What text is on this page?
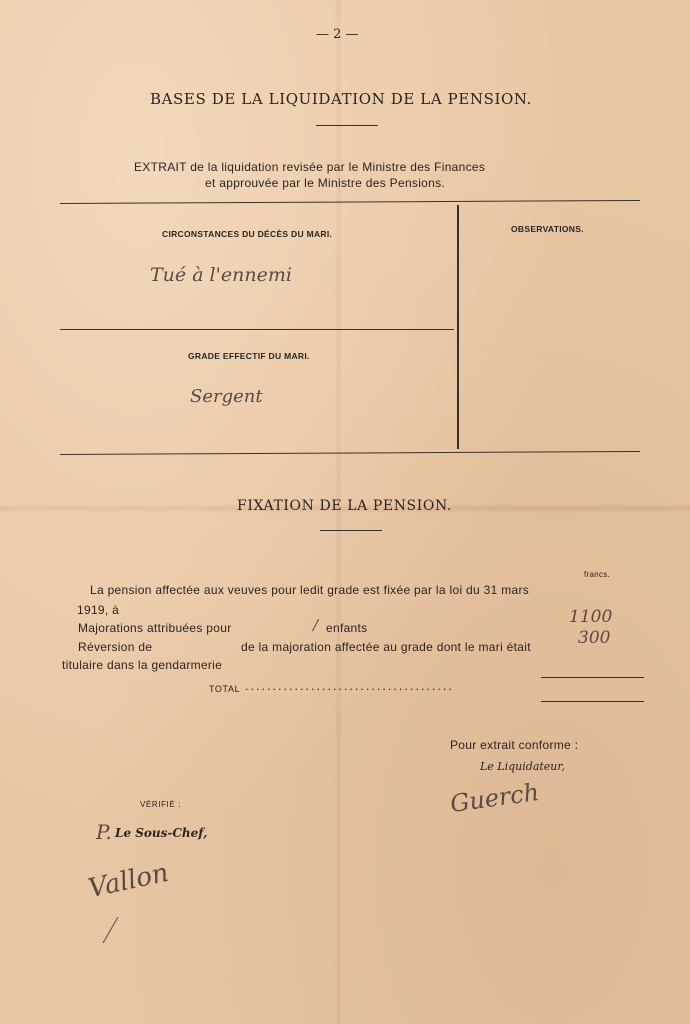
— 2 —
BASES DE LA LIQUIDATION DE LA PENSION.
EXTRAIT de la liquidation revisée par le Ministre des Finances
et approuvée par le Ministre des Pensions.
CIRCONSTANCES DU DÉCÈS DU MARI.
Tué à l'ennemi
OBSERVATIONS.
GRADE EFFECTIF DU MARI.
Sergent
FIXATION DE LA PENSION.
francs.
La pension affectée aux veuves pour ledit grade est fixée par la loi du 31 mars
1919, à
Majorations attribuées pour	/ enfants
Réversion de	de la majoration affectée au grade dont le mari était
titulaire dans la gendarmerie
1100
300
TOTAL ......................................
Pour extrait conforme :
Le Liquidateur,
Guerch
VÉRIFIÉ :
P. Le Sous-Chef,
Vallon
